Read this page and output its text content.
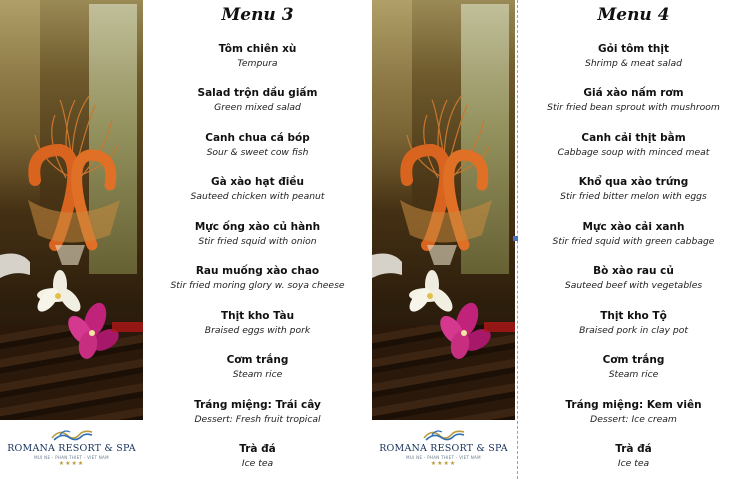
ROMANA RESORT & SPA
MUI NE - PHAN THIET - VIET NAM
★★★★
Menu 3
Tôm chiên xù
Tempura
Salad trộn dầu giấm
Green mixed salad
Canh chua cá bóp
Sour & sweet cow fish
Gà xào hạt điều
Sauteed chicken with peanut
Mực ống xào củ hành
Stir fried squid with onion
Rau muống xào chao
Stir fried moring glory w. soya cheese
Thịt kho Tàu
Braised eggs with pork
Cơm trắng
Steam rice
Tráng miệng: Trái cây
Dessert: Fresh fruit tropical
Trà đá
Ice tea
ROMANA RESORT & SPA
MUI NE - PHAN THIET - VIET NAM
★★★★
Menu 4
Gỏi tôm thịt
Shrimp & meat salad
Giá xào nấm rơm
Stir fried bean sprout with mushroom
Canh cải thịt bằm
Cabbage soup with minced meat
Khổ qua xào trứng
Stir fried bitter melon with eggs
Mực xào cải xanh
Stir fried squid with green cabbage
Bò xào rau củ
Sauteed beef with vegetables
Thịt kho Tộ
Braised pork in clay pot
Cơm trắng
Steam rice
Tráng miệng: Kem viên
Dessert: Ice cream
Trà đá
Ice tea
